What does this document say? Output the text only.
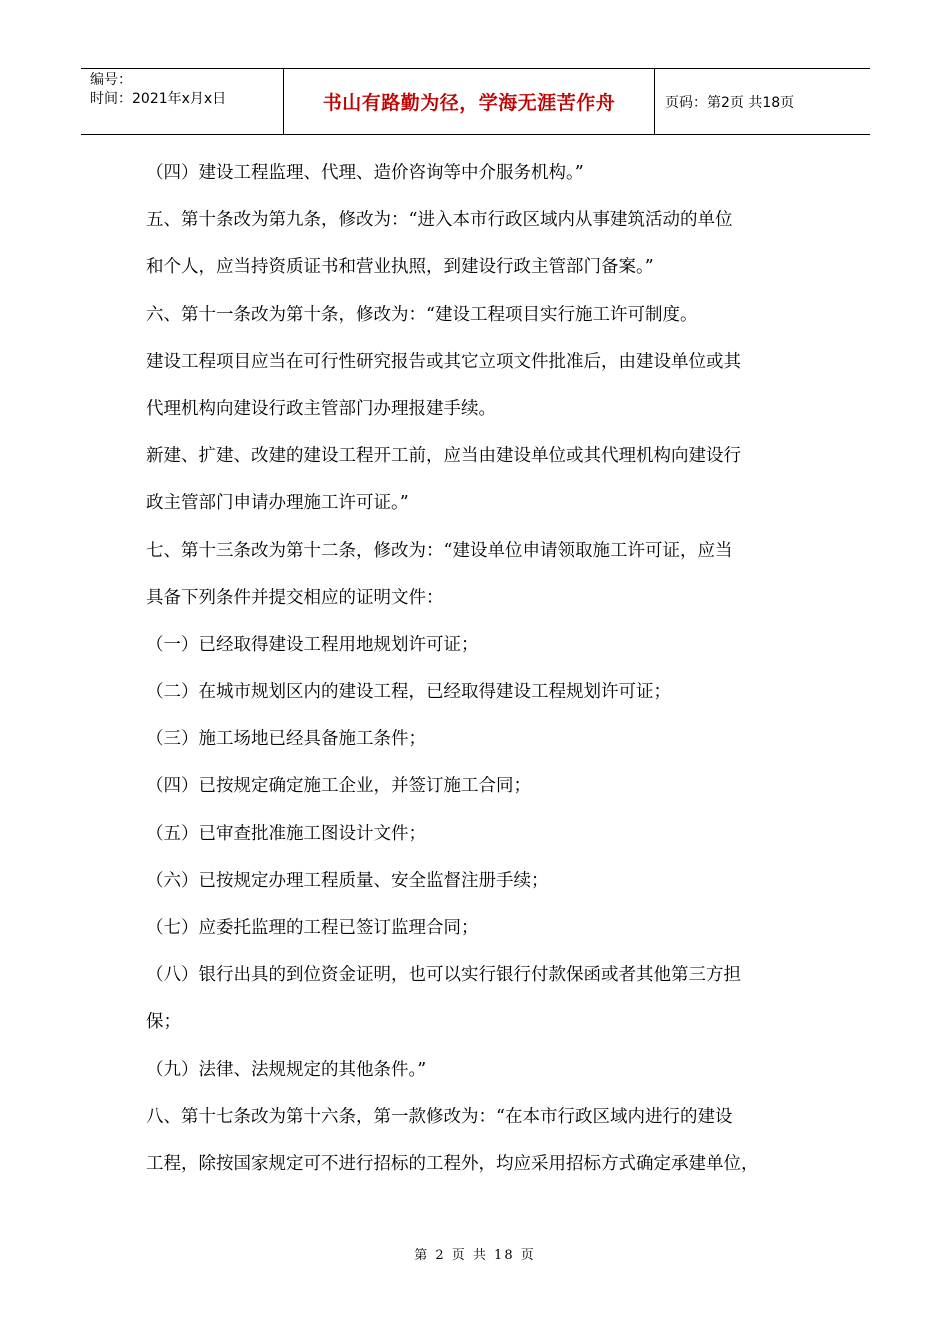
编号：
时间：2021年x月x日	书山有路勤为径，学海无涯苦作舟	页码：第2页 共18页
（四）建设工程监理、代理、造价咨询等中介服务机构。”
五、第十条改为第九条，修改为：“进入本市行政区域内从事建筑活动的单位
和个人，应当持资质证书和营业执照，到建设行政主管部门备案。”
六、第十一条改为第十条，修改为：“建设工程项目实行施工许可制度。
建设工程项目应当在可行性研究报告或其它立项文件批准后，由建设单位或其
代理机构向建设行政主管部门办理报建手续。
新建、扩建、改建的建设工程开工前，应当由建设单位或其代理机构向建设行
政主管部门申请办理施工许可证。”
七、第十三条改为第十二条，修改为：“建设单位申请领取施工许可证，应当
具备下列条件并提交相应的证明文件：
（一）已经取得建设工程用地规划许可证；
（二）在城市规划区内的建设工程，已经取得建设工程规划许可证；
（三）施工场地已经具备施工条件；
（四）已按规定确定施工企业，并签订施工合同；
（五）已审查批准施工图设计文件；
（六）已按规定办理工程质量、安全监督注册手续；
（七）应委托监理的工程已签订监理合同；
（八）银行出具的到位资金证明，也可以实行银行付款保函或者其他第三方担
保；
（九）法律、法规规定的其他条件。”
八、第十七条改为第十六条，第一款修改为：“在本市行政区域内进行的建设
工程，除按国家规定可不进行招标的工程外，均应采用招标方式确定承建单位，
第 2 页 共 18 页
